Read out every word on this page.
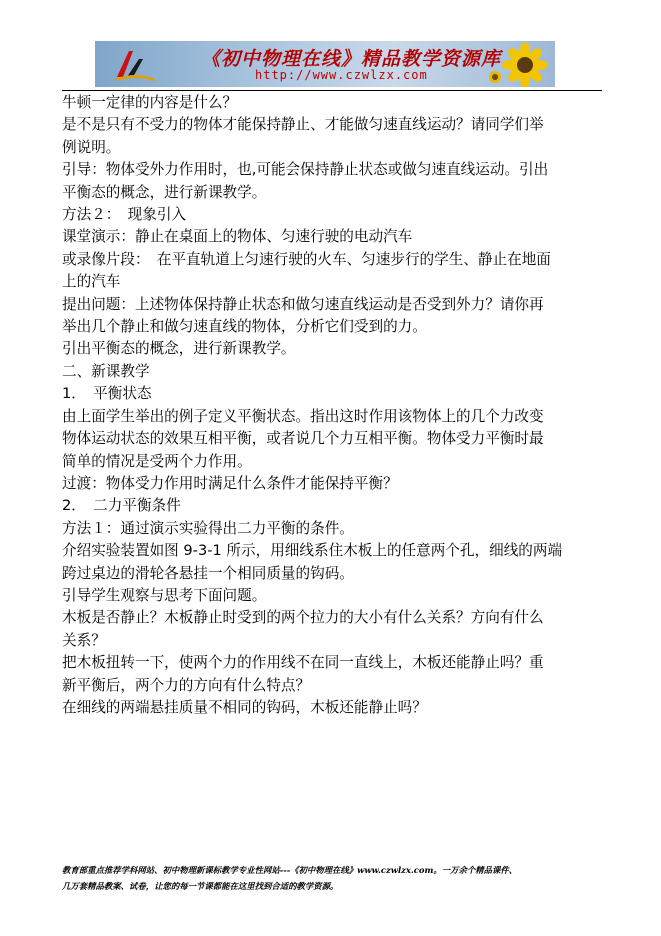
《初中物理在线》精品教学资源库
http://www.czwlzx.com

牛顿一定律的内容是什么？

是不是只有不受力的物体才能保持静止、才能做匀速直线运动？请同学们举

例说明。

引导：物体受外力作用时，也,可能会保持静止状态或做匀速直线运动。引出

平衡态的概念，进行新课教学。

方法２：　现象引入

课堂演示：静止在桌面上的物体、匀速行驶的电动汽车

或录像片段：　在平直轨道上匀速行驶的火车、匀速步行的学生、静止在地面

上的汽车

提出问题：上述物体保持静止状态和做匀速直线运动是否受到外力？请你再

举出几个静止和做匀速直线的物体，分析它们受到的力。

引出平衡态的概念，进行新课教学。

二、新课教学

1．　平衡状态

由上面学生举出的例子定义平衡状态。指出这时作用该物体上的几个力改变

物体运动状态的效果互相平衡，或者说几个力互相平衡。物体受力平衡时最

简单的情况是受两个力作用。

过渡：物体受力作用时满足什么条件才能保持平衡？

2．　二力平衡条件

方法１：通过演示实验得出二力平衡的条件。

介绍实验装置如图 9-3-1 所示，用细线系住木板上的任意两个孔，细线的两端

跨过桌边的滑轮各悬挂一个相同质量的钩码。

引导学生观察与思考下面问题。

木板是否静止？木板静止时受到的两个拉力的大小有什么关系？方向有什么

关系？

把木板扭转一下，使两个力的作用线不在同一直线上，木板还能静止吗？重

新平衡后，两个力的方向有什么特点？

在细线的两端悬挂质量不相同的钩码，木板还能静止吗？

教育部重点推荐学科网站、初中物理新课标教学专业性网站---《初中物理在线》www.czwlzx.com。一万余个精品课件、

几万套精品教案、试卷，让您的每一节课都能在这里找到合适的教学资源。
